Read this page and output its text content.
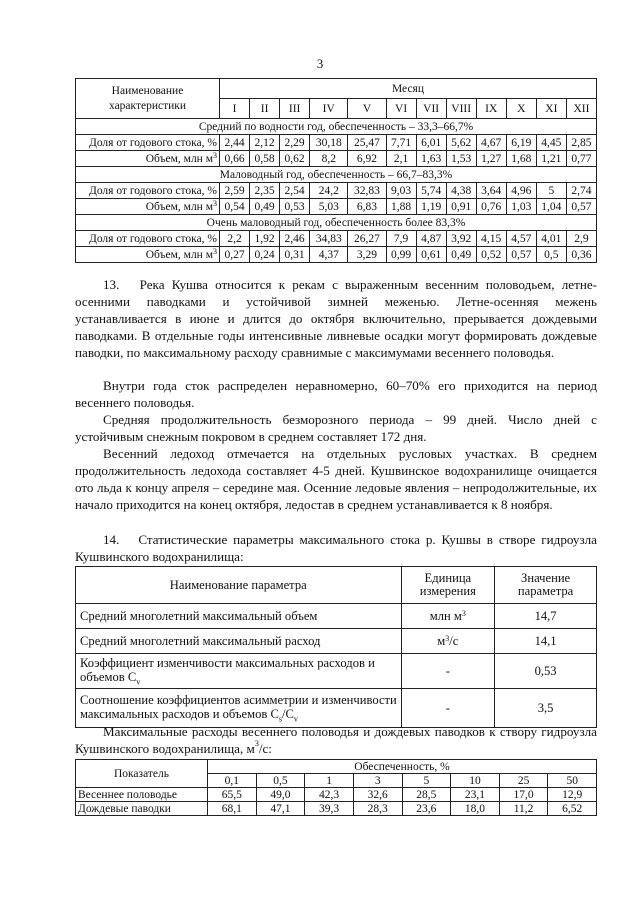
3
Наименование характеристики	Месяц											
	I	II	III	IV	V	VI	VII	VIII	IX	X	XI	XII
Средний по водности год, обеспеченность – 33,3–66,7%												
Доля от годового стока, %	2,44	2,12	2,29	30,18	25,47	7,71	6,01	5,62	4,67	6,19	4,45	2,85
Объем, млн $м^3$	0,66	0,58	0,62	8,2	6,92	2,1	1,63	1,53	1,27	1,68	1,21	0,77
Маловодный год, обеспеченность – 66,7–83,3%												
Доля от годового стока, %	2,59	2,35	2,54	24,2	32,83	9,03	5,74	4,38	3,64	4,96	5	2,74
Объем, млн $м^3$	0,54	0,49	0,53	5,03	6,83	1,88	1,19	0,91	0,76	1,03	1,04	0,57
Очень маловодный год, обеспеченность более 83,3%												
Доля от годового стока, %	2,2	1,92	2,46	34,83	26,27	7,9	4,87	3,92	4,15	4,57	4,01	2,9
Объем, млн $м^3$	0,27	0,24	0,31	4,37	3,29	0,99	0,61	0,49	0,52	0,57	0,5	0,36

13.  Река Кушва относится к рекам с выраженным весенним половодьем, летне-осенними паводками и устойчивой зимней меженью. Летне-осенняя межень устанавливается в июне и длится до октября включительно, прерывается дождевыми паводками. В отдельные годы интенсивные ливневые осадки могут формировать дождевые паводки, по максимальному расходу сравнимые с максимумами весеннего половодья.

Внутри года сток распределен неравномерно, 60–70% его приходится на период весеннего половодья.

Средняя продолжительность безморозного периода – 99 дней. Число дней с устойчивым снежным покровом в среднем составляет 172 дня.

Весенний ледоход отмечается на отдельных русловых участках. В среднем продолжительность ледохода составляет 4-5 дней. Кушвинское водохранилище очищается ото льда к концу апреля – середине мая. Осенние ледовые явления – непродолжительные, их начало приходится на конец октября, ледостав в среднем устанавливается к 8 ноября.

14.  Статистические параметры максимального стока р. Кушвы в створе гидроузла Кушвинского водохранилища:

Наименование параметра	Единица измерения	Значение параметра
Средний многолетний максимальный объем	млн $м^3$	14,7
Средний многолетний максимальный расход	$м^3/с$	14,1
Коэффициент изменчивости максимальных расходов и объемов $C_v$	-	0,53
Соотношение коэффициентов асимметрии и изменчивости максимальных расходов и объемов $C_s/C_v$	-	3,5

Максимальные расходы весеннего половодья и дождевых паводков к створу гидроузла Кушвинского водохранилища, $м^3/с$:

Показатель	Обеспеченность, %							
	0,1	0,5	1	3	5	10	25	50
Весеннее половодье	65,5	49,0	42,3	32,6	28,5	23,1	17,0	12,9
Дождевые паводки	68,1	47,1	39,3	28,3	23,6	18,0	11,2	6,52
